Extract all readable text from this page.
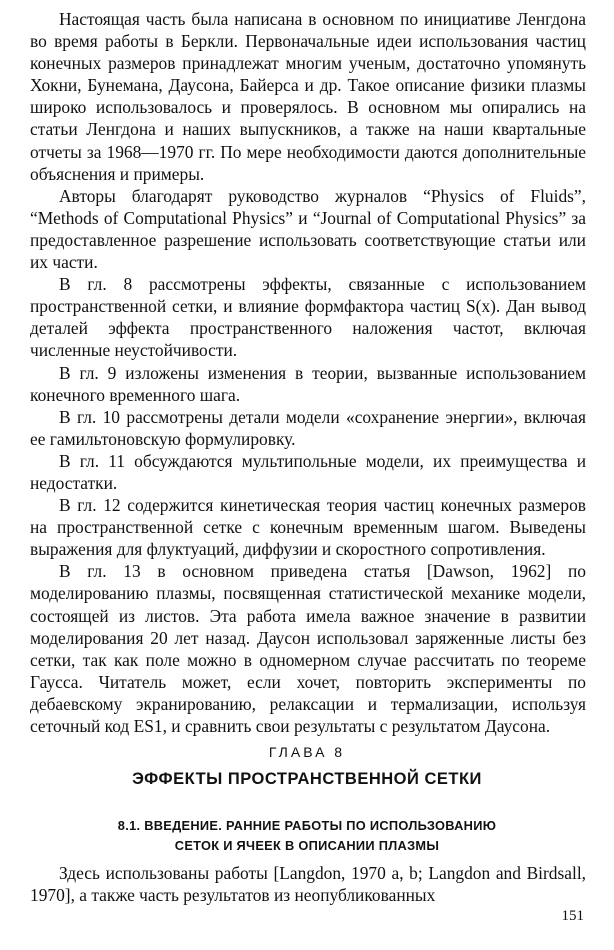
Настоящая часть была написана в основном по инициативе Ленгдона во время работы в Беркли. Первоначальные идеи использования частиц конечных размеров принадлежат многим ученым, достаточно упомянуть Хокни, Бунемана, Даусона, Байерса и др. Такое описание физики плазмы широко использовалось и проверялось. В основном мы опирались на статьи Ленгдона и наших выпускников, а также на наши квартальные отчеты за 1968—1970 гг. По мере необходимости даются дополнительные объяснения и примеры.

Авторы благодарят руководство журналов “Physics of Fluids”, “Methods of Computational Physics” и “Journal of Computational Physics” за предоставленное разрешение использовать соответствующие статьи или их части.

В гл. 8 рассмотрены эффекты, связанные с использованием пространственной сетки, и влияние формфактора частиц S(x). Дан вывод деталей эффекта пространственного наложения частот, включая численные неустойчивости.

В гл. 9 изложены изменения в теории, вызванные использованием конечного временного шага.

В гл. 10 рассмотрены детали модели «сохранение энергии», включая ее гамильтоновскую формулировку.

В гл. 11 обсуждаются мультипольные модели, их преимущества и недостатки.

В гл. 12 содержится кинетическая теория частиц конечных размеров на пространственной сетке с конечным временным шагом. Выведены выражения для флуктуаций, диффузии и скоростного сопротивления.

В гл. 13 в основном приведена статья [Dawson, 1962] по моделированию плазмы, посвященная статистической механике модели, состоящей из листов. Эта работа имела важное значение в развитии моделирования 20 лет назад. Даусон использовал заряженные листы без сетки, так как поле можно в одномерном случае рассчитать по теореме Гаусса. Читатель может, если хочет, повторить эксперименты по дебаевскому экранированию, релаксации и термализации, используя сеточный код ES1, и сравнить свои результаты с результатом Даусона.

ГЛАВА 8
ЭФФЕКТЫ ПРОСТРАНСТВЕННОЙ СЕТКИ
8.1. ВВЕДЕНИЕ. РАННИЕ РАБОТЫ ПО ИСПОЛЬЗОВАНИЮ
СЕТОК И ЯЧЕЕК В ОПИСАНИИ ПЛАЗМЫ

Здесь использованы работы [Langdon, 1970 a, b; Langdon and Birdsall, 1970], а также часть результатов из неопубликованных

151
